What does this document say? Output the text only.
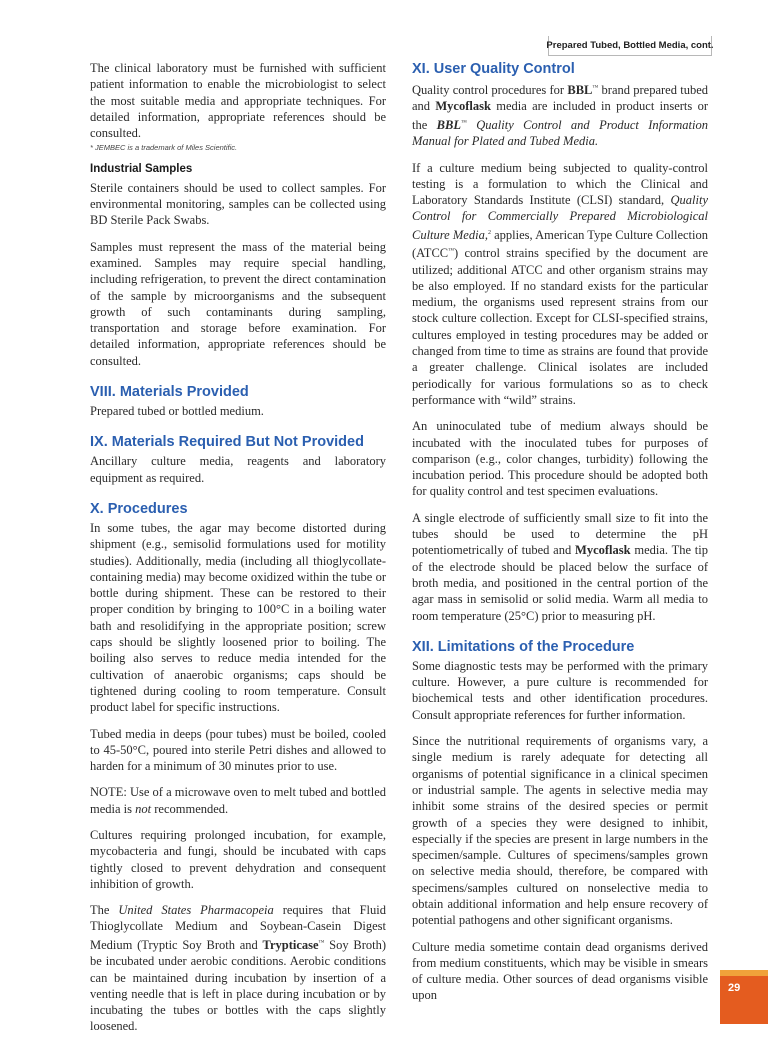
Prepared Tubed, Bottled Media, cont.

The clinical laboratory must be furnished with sufficient patient information to enable the microbiologist to select the most suitable media and appropriate techniques. For detailed information, appropriate references should be consulted.

* JEMBEC is a trademark of Miles Scientific.
Industrial Samples

Sterile containers should be used to collect samples. For environmental monitoring, samples can be collected using BD Sterile Pack Swabs.

Samples must represent the mass of the material being examined. Samples may require special handling, including refrigeration, to prevent the direct contamination of the sample by microorganisms and the subsequent growth of such contaminants during sampling, transportation and storage before examination. For detailed information, appropriate references should be consulted.

VIII. Materials Provided

Prepared tubed or bottled medium.

IX. Materials Required But Not Provided

Ancillary culture media, reagents and laboratory equipment as required.

X. Procedures

In some tubes, the agar may become distorted during shipment (e.g., semisolid formulations used for motility studies). Additionally, media (including all thioglycollate-containing media) may become oxidized within the tube or bottle during shipment. These can be restored to their proper condition by bringing to 100°C in a boiling water bath and resolidifying in the appropriate position; screw caps should be slightly loosened prior to boiling. The boiling also serves to reduce media intended for the cultivation of anaerobic organisms; caps should be tightened during cooling to room temperature. Consult product label for specific instructions.

Tubed media in deeps (pour tubes) must be boiled, cooled to 45-50°C, poured into sterile Petri dishes and allowed to harden for a minimum of 30 minutes prior to use.

NOTE: Use of a microwave oven to melt tubed and bottled media is not recommended.

Cultures requiring prolonged incubation, for example, mycobacteria and fungi, should be incubated with caps tightly closed to prevent dehydration and consequent inhibition of growth.

The United States Pharmacopeia requires that Fluid Thioglycollate Medium and Soybean-Casein Digest Medium (Tryptic Soy Broth and Trypticase™ Soy Broth) be incubated under aerobic conditions. Aerobic conditions can be maintained during incubation by insertion of a venting needle that is left in place during incubation or by incubating the tubes or bottles with the caps slightly loosened.

XI. User Quality Control

Quality control procedures for BBL™ brand prepared tubed and Mycoflask media are included in product inserts or the BBL™ Quality Control and Product Information Manual for Plated and Tubed Media.

If a culture medium being subjected to quality-control testing is a formulation to which the Clinical and Laboratory Standards Institute (CLSI) standard, Quality Control for Commercially Prepared Microbiological Culture Media,$^2$ applies, American Type Culture Collection (ATCC™) control strains specified by the document are utilized; additional ATCC and other organism strains may be also employed. If no standard exists for the particular medium, the organisms used represent strains from our stock culture collection. Except for CLSI-specified strains, cultures employed in testing procedures may be added or changed from time to time as strains are found that provide a greater challenge. Clinical isolates are included periodically for various formulations so as to check performance with “wild” strains.

An uninoculated tube of medium always should be incubated with the inoculated tubes for purposes of comparison (e.g., color changes, turbidity) following the incubation period. This procedure should be adopted both for quality control and test specimen evaluations.

A single electrode of sufficiently small size to fit into the tubes should be used to determine the pH potentiometrically of tubed and Mycoflask media. The tip of the electrode should be placed below the surface of broth media, and positioned in the central portion of the agar mass in semisolid or solid media. Warm all media to room temperature (25°C) prior to measuring pH.

XII. Limitations of the Procedure

Some diagnostic tests may be performed with the primary culture. However, a pure culture is recommended for biochemical tests and other identification procedures. Consult appropriate references for further information.

Since the nutritional requirements of organisms vary, a single medium is rarely adequate for detecting all organisms of potential significance in a clinical specimen or industrial sample. The agents in selective media may inhibit some strains of the desired species or permit growth of a species they were designed to inhibit, especially if the species are present in large numbers in the specimen/sample. Cultures of specimens/samples grown on selective media should, therefore, be compared with specimens/samples cultured on nonselective media to obtain additional information and help ensure recovery of potential pathogens and other significant organisms.

Culture media sometime contain dead organisms derived from medium constituents, which may be visible in smears of culture media. Other sources of dead organisms visible upon

29
